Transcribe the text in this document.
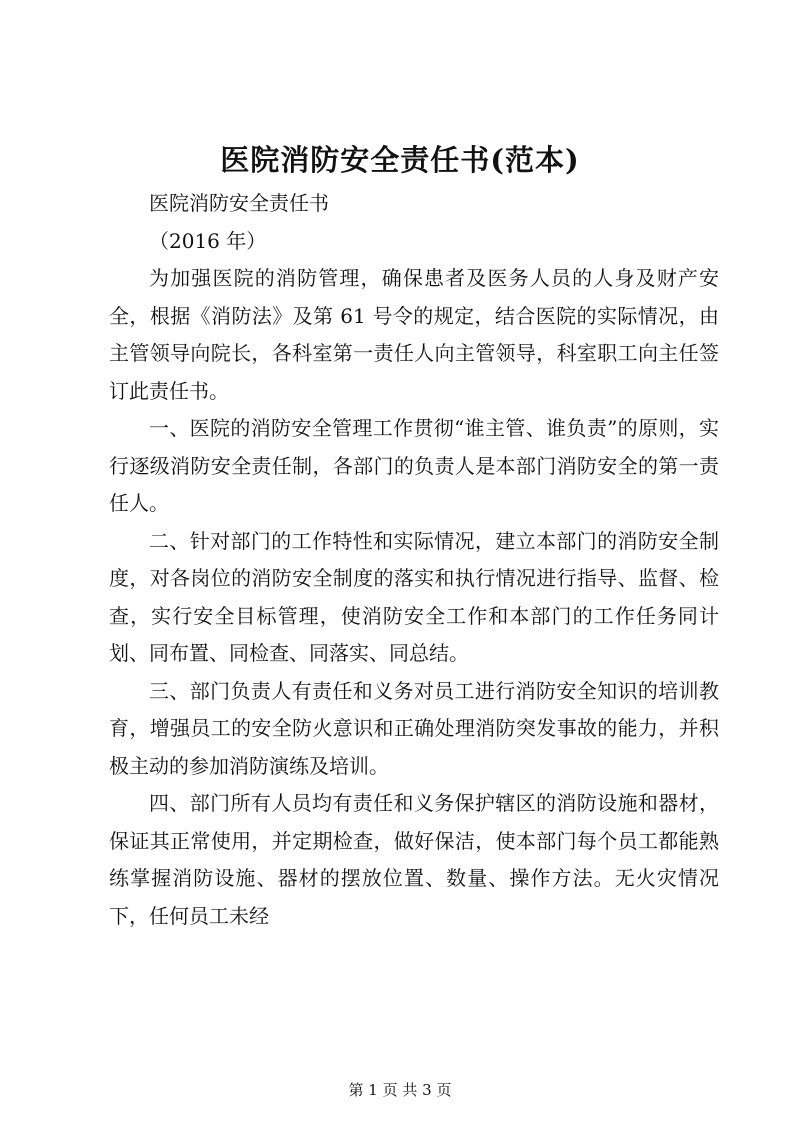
医院消防安全责任书(范本)

医院消防安全责任书

（2016 年）

为加强医院的消防管理，确保患者及医务人员的人身及财产安全，根据《消防法》及第 61 号令的规定，结合医院的实际情况，由主管领导向院长，各科室第一责任人向主管领导，科室职工向主任签订此责任书。

一、医院的消防安全管理工作贯彻“谁主管、谁负责”的原则，实行逐级消防安全责任制，各部门的负责人是本部门消防安全的第一责任人。

二、针对部门的工作特性和实际情况，建立本部门的消防安全制度，对各岗位的消防安全制度的落实和执行情况进行指导、监督、检查，实行安全目标管理，使消防安全工作和本部门的工作任务同计划、同布置、同检查、同落实、同总结。

三、部门负责人有责任和义务对员工进行消防安全知识的培训教育，增强员工的安全防火意识和正确处理消防突发事故的能力，并积极主动的参加消防演练及培训。

四、部门所有人员均有责任和义务保护辖区的消防设施和器材，保证其正常使用，并定期检查，做好保洁，使本部门每个员工都能熟练掌握消防设施、器材的摆放位置、数量、操作方法。无火灾情况下，任何员工未经

第 1 页 共 3 页
